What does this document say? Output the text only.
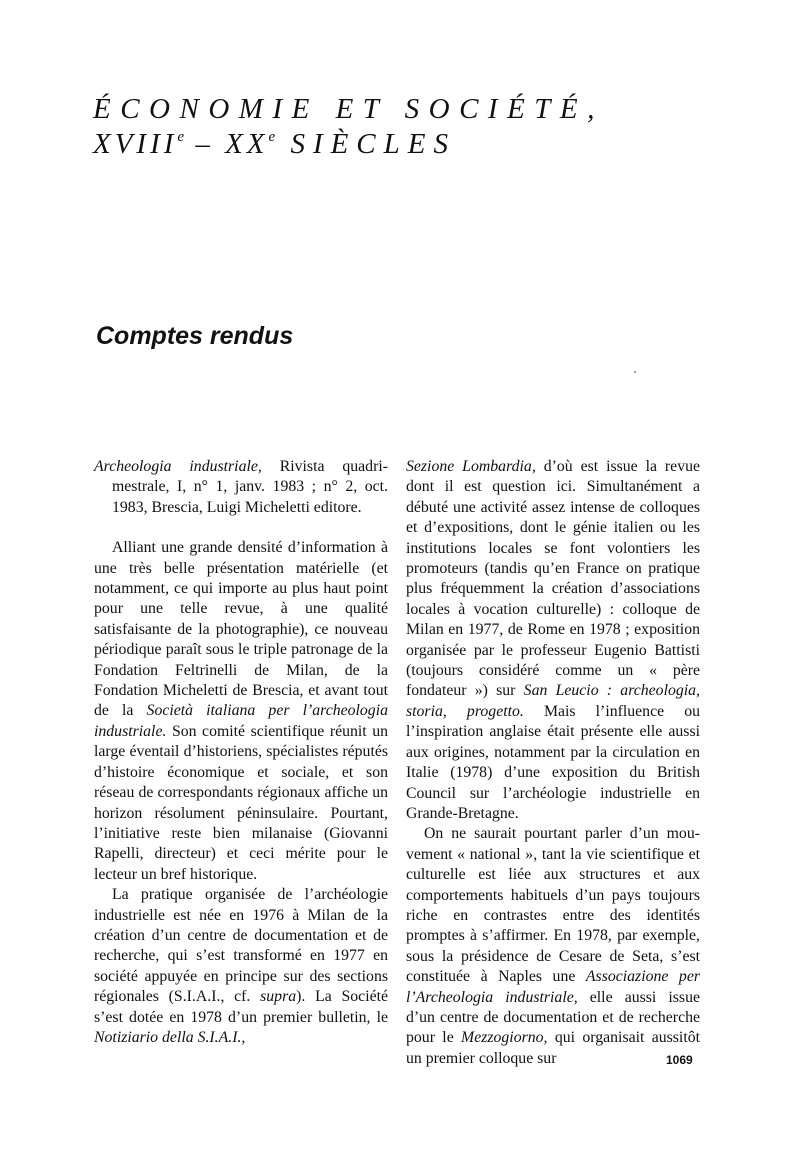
ÉCONOMIE ET SOCIÉTÉ,
XVIIIe – XXe SIÈCLES
Comptes rendus

Archeologia industriale, Rivista quadrimestrale, I, n° 1, janv. 1983 ; n° 2, oct. 1983, Brescia, Luigi Micheletti editore.

Alliant une grande densité d’information à une très belle présentation matérielle (et notamment, ce qui importe au plus haut point pour une telle revue, à une qualité satisfaisante de la photographie), ce nouveau périodique paraît sous le triple patronage de la Fondation Feltrinelli de Milan, de la Fondation Micheletti de Brescia, et avant tout de la Società italiana per l’archeologia industriale. Son comité scientifique réunit un large éventail d’historiens, spécialistes réputés d’histoire économique et sociale, et son réseau de correspondants régionaux affiche un horizon résolument péninsulaire. Pourtant, l’initiative reste bien milanaise (Giovanni Rapelli, directeur) et ceci mérite pour le lecteur un bref historique.

La pratique organisée de l’archéologie industrielle est née en 1976 à Milan de la création d’un centre de documentation et de recherche, qui s’est transformé en 1977 en société appuyée en principe sur des sections régionales (S.I.A.I., cf. supra). La Société s’est dotée en 1978 d’un premier bulletin, le Notiziario della S.I.A.I.,

Sezione Lombardia, d’où est issue la revue dont il est question ici. Simultanément a débuté une activité assez intense de colloques et d’expositions, dont le génie italien ou les institutions locales se font volontiers les promoteurs (tandis qu’en France on pratique plus fréquemment la création d’associations locales à vocation culturelle) : colloque de Milan en 1977, de Rome en 1978 ; exposition organisée par le professeur Eugenio Battisti (toujours considéré comme un « père fondateur ») sur San Leucio : archeologia, storia, progetto. Mais l’influence ou l’inspiration anglaise était présente elle aussi aux origines, notamment par la circulation en Italie (1978) d’une exposition du British Council sur l’archéologie industrielle en Grande-Bretagne.

On ne saurait pourtant parler d’un mouvement « national », tant la vie scientifique et culturelle est liée aux structures et aux comportements habituels d’un pays toujours riche en contrastes entre des identités promptes à s’affirmer. En 1978, par exemple, sous la présidence de Cesare de Seta, s’est constituée à Naples une Associazione per l’Archeologia industriale, elle aussi issue d’un centre de documentation et de recherche pour le Mezzogiorno, qui organisait aussitôt un premier colloque sur	1069
